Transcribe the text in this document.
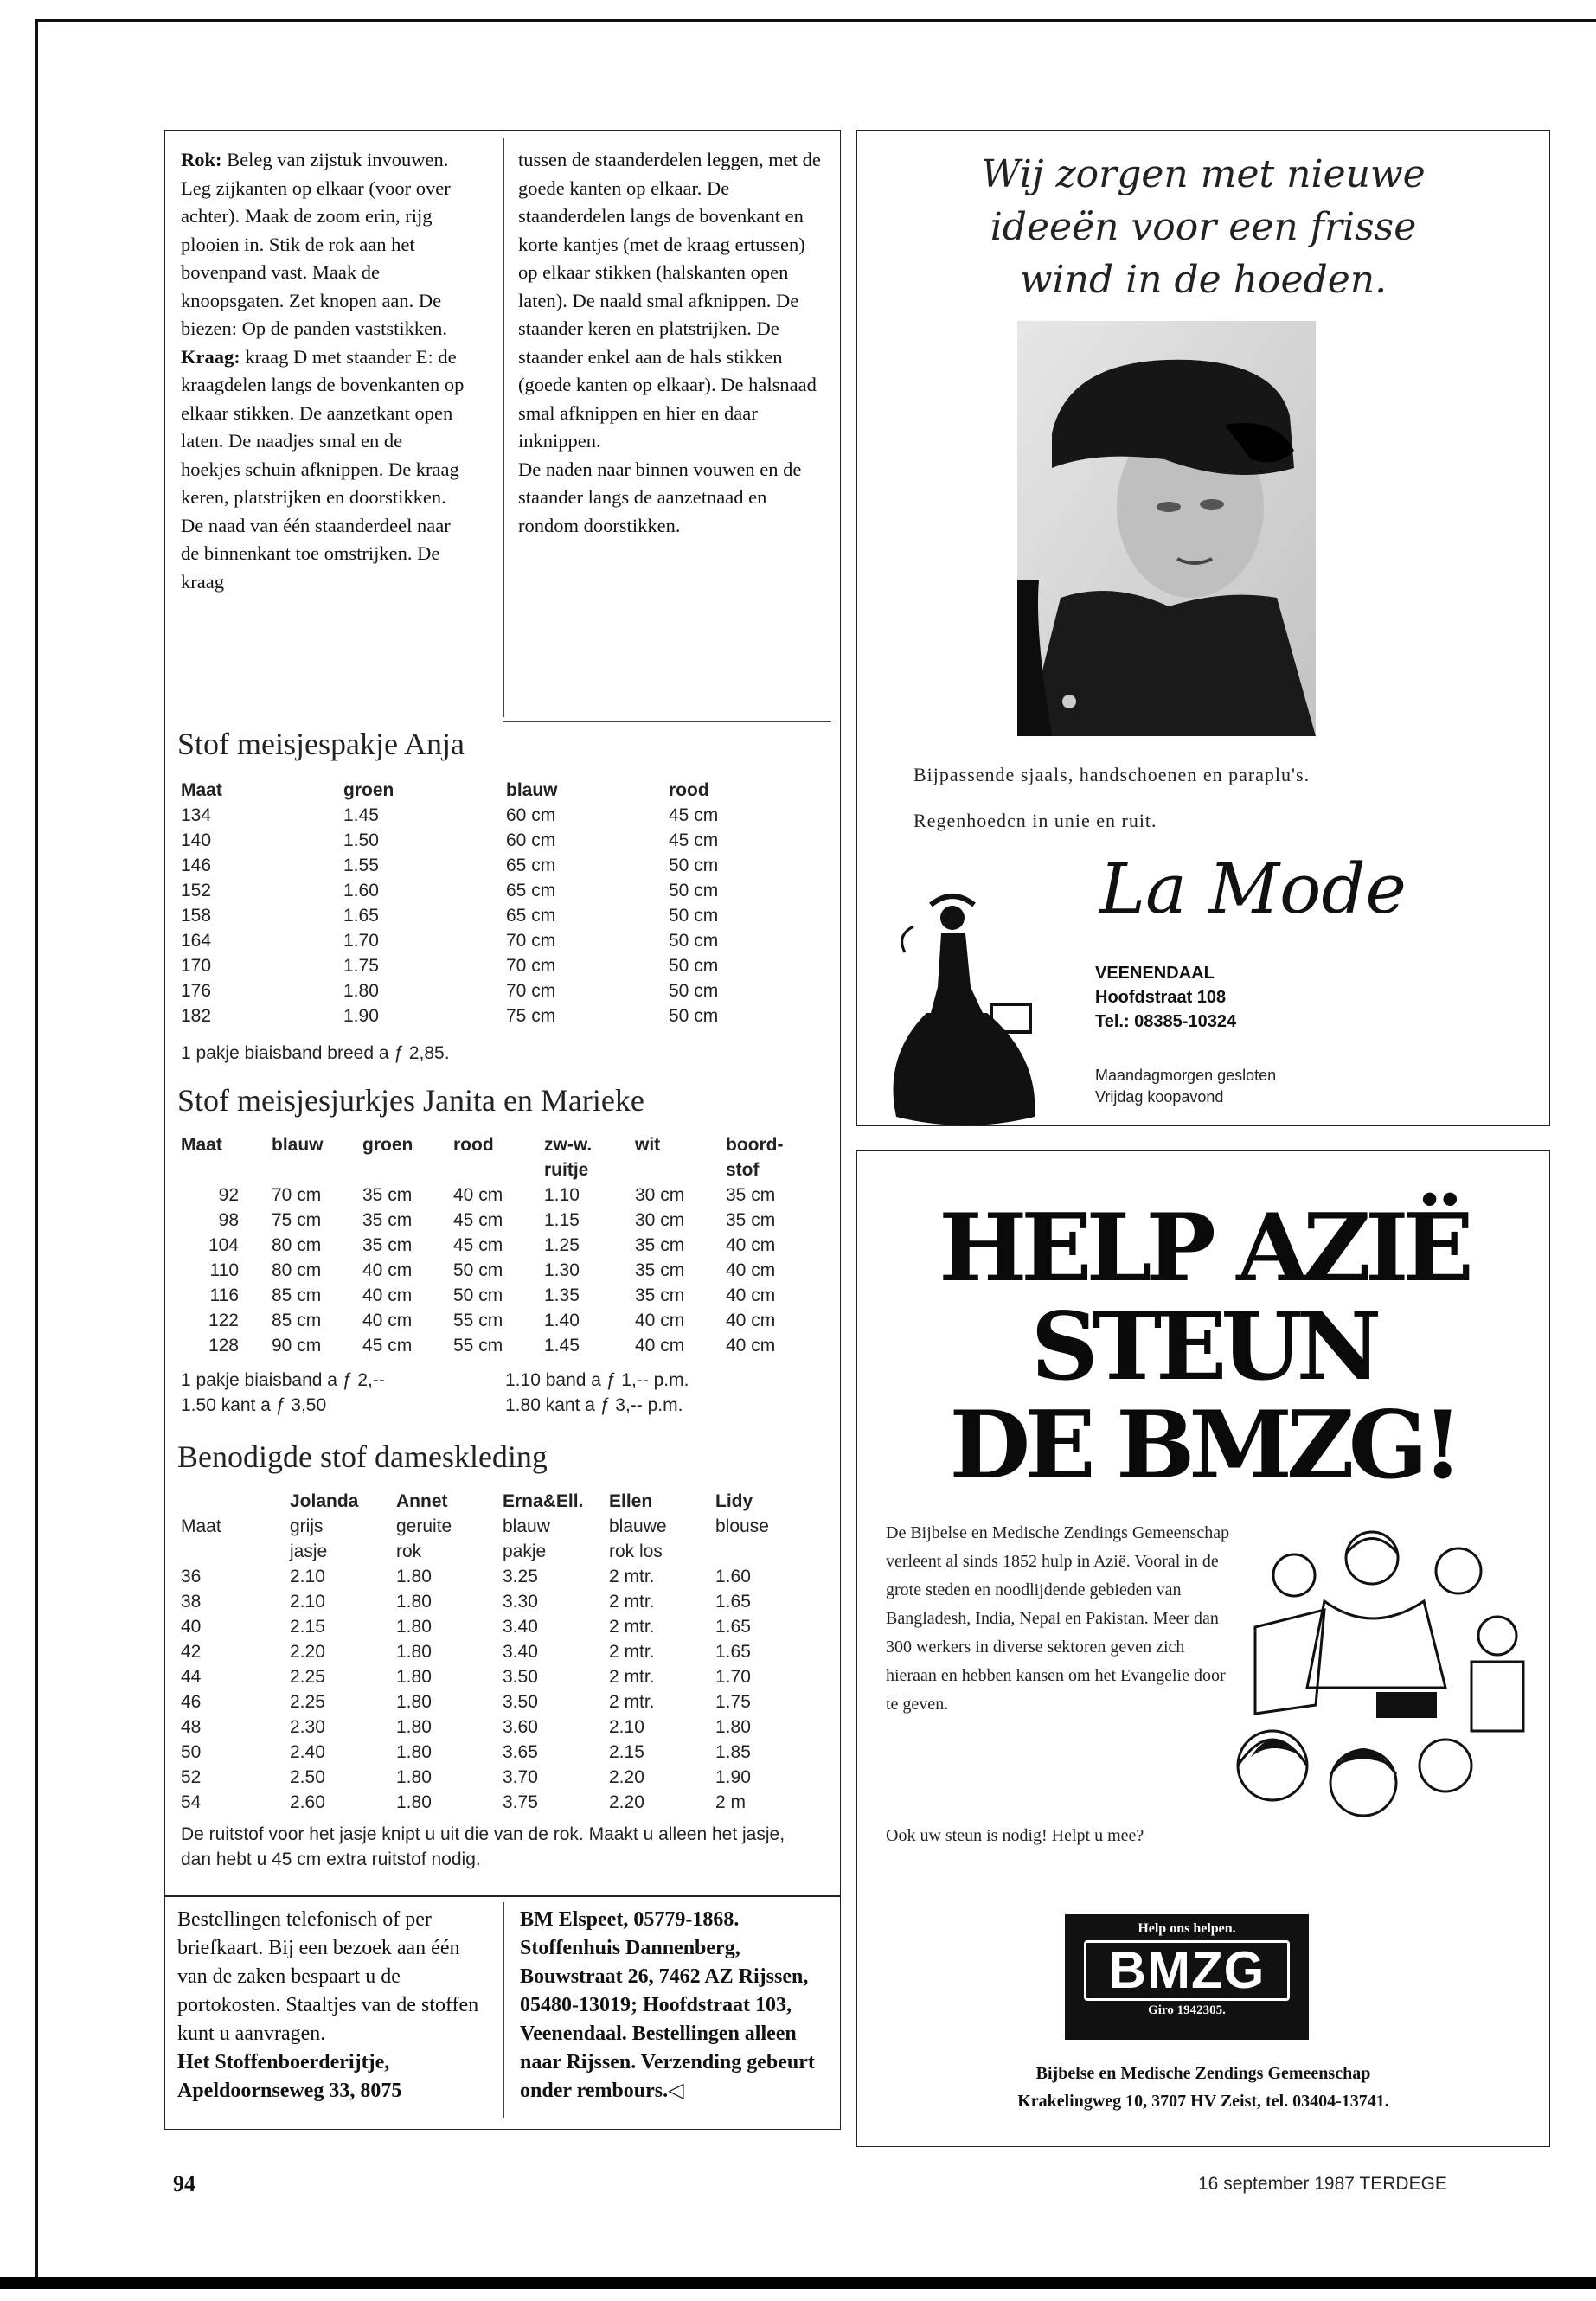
Rok: Beleg van zijstuk invouwen. Leg zijkanten op elkaar (voor over achter). Maak de zoom erin, rijg plooien in. Stik de rok aan het bovenpand vast. Maak de knoopsgaten. Zet knopen aan. De biezen: Op de panden vaststikken.

Kraag: kraag D met staander E: de kraagdelen langs de bovenkanten op elkaar stikken. De aanzetkant open laten. De naadjes smal en de hoekjes schuin afknippen. De kraag keren, platstrijken en doorstikken. De naad van één staanderdeel naar de binnenkant toe omstrijken. De kraag

tussen de staanderdelen leggen, met de goede kanten op elkaar. De staanderdelen langs de bovenkant en korte kantjes (met de kraag ertussen) op elkaar stikken (halskanten open laten). De naald smal afknippen. De staander keren en platstrijken. De staander enkel aan de hals stikken (goede kanten op elkaar). De halsnaad smal afknippen en hier en daar inknippen.

De naden naar binnen vouwen en de staander langs de aanzetnaad en rondom doorstikken.

Stof meisjespakje Anja
Maat	groen	blauw	rood
134	1.45	60 cm	45 cm
140	1.50	60 cm	45 cm
146	1.55	65 cm	50 cm
152	1.60	65 cm	50 cm
158	1.65	65 cm	50 cm
164	1.70	70 cm	50 cm
170	1.75	70 cm	50 cm
176	1.80	70 cm	50 cm
182	1.90	75 cm	50 cm
1 pakje biaisband breed a ƒ 2,85.
Stof meisjesjurkjes Janita en Marieke
Maat	blauw	groen	rood	zw-w. ruitje	wit	boord-stof
92	70 cm	35 cm	40 cm	1.10	30 cm	35 cm
98	75 cm	35 cm	45 cm	1.15	30 cm	35 cm
104	80 cm	35 cm	45 cm	1.25	35 cm	40 cm
110	80 cm	40 cm	50 cm	1.30	35 cm	40 cm
116	85 cm	40 cm	50 cm	1.35	35 cm	40 cm
122	85 cm	40 cm	55 cm	1.40	40 cm	40 cm
128	90 cm	45 cm	55 cm	1.45	40 cm	40 cm
1 pakje biaisband a ƒ 2,--	1.10 band a ƒ 1,-- p.m.
1.50 kant a ƒ 3,50	1.80 kant a ƒ 3,-- p.m.
Benodigde stof dameskleding
	Jolanda	Annet	Erna&Ell.	Ellen	Lidy
Maat	grijs	geruite	blauw	blauwe	blouse
	jasje	rok	pakje	rok los	
36	2.10	1.80	3.25	2 mtr.	1.60
38	2.10	1.80	3.30	2 mtr.	1.65
40	2.15	1.80	3.40	2 mtr.	1.65
42	2.20	1.80	3.40	2 mtr.	1.65
44	2.25	1.80	3.50	2 mtr.	1.70
46	2.25	1.80	3.50	2 mtr.	1.75
48	2.30	1.80	3.60	2.10	1.80
50	2.40	1.80	3.65	2.15	1.85
52	2.50	1.80	3.70	2.20	1.90
54	2.60	1.80	3.75	2.20	2 m
De ruitstof voor het jasje knipt u uit die van de rok. Maakt u alleen het jasje, dan hebt u 45 cm extra ruitstof nodig.

Bestellingen telefonisch of per briefkaart. Bij een bezoek aan één van de zaken bespaart u de portokosten. Staaltjes van de stoffen kunt u aanvragen.

Het Stoffenboerderijtje, Apeldoornseweg 33, 8075

BM Elspeet, 05779-1868. Stoffenhuis Dannenberg, Bouwstraat 26, 7462 AZ Rijssen, 05480-13019; Hoofdstraat 103, Veenendaal. Bestellingen alleen naar Rijssen. Verzending gebeurt onder rembours.◁

Wij zorgen met nieuwe
ideeën voor een frisse
wind in de hoeden.
Bijpassende sjaals, handschoenen en paraplu's.
Regenhoedcn in unie en ruit.
La Mode
VEENENDAAL
Hoofdstraat 108
Tel.: 08385-10324
Maandagmorgen gesloten
Vrijdag koopavond
HELP AZIË
STEUN
DE BMZG!
De Bijbelse en Medische Zendings Gemeenschap verleent al sinds 1852 hulp in Azië. Vooral in de grote steden en noodlijdende gebieden van Bangladesh, India, Nepal en Pakistan. Meer dan 300 werkers in diverse sektoren geven zich hieraan en hebben kansen om het Evangelie door te geven.
Ook uw steun is nodig! Helpt u mee?
Help ons helpen.
BMZG
Giro 1942305.
Bijbelse en Medische Zendings Gemeenschap
Krakelingweg 10, 3707 HV Zeist, tel. 03404-13741.
94	16 september 1987 TERDEGE
